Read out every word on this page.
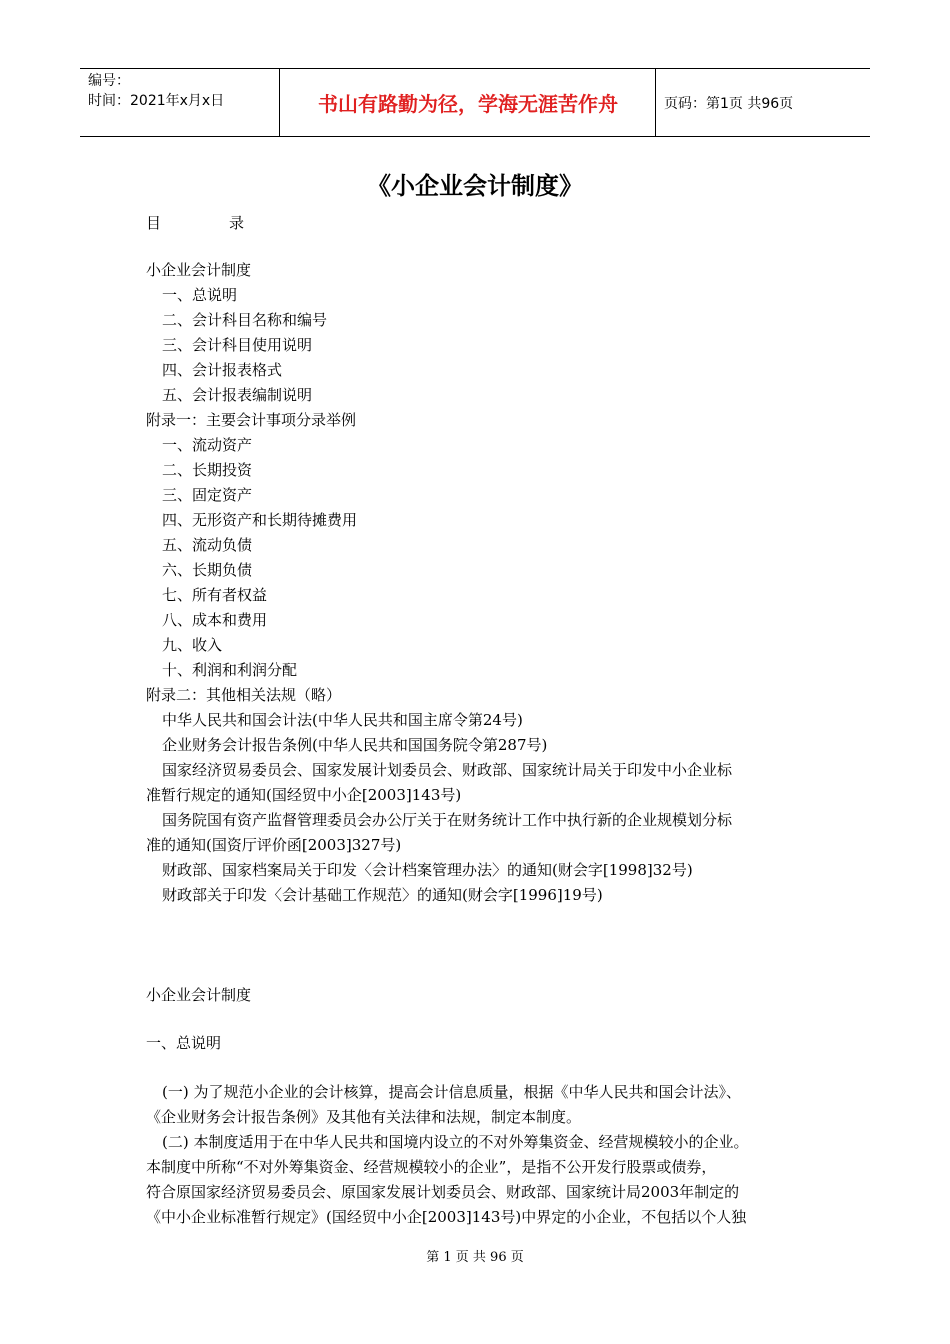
编号：
时间：2021年x月x日	书山有路勤为径，学海无涯苦作舟	页码：第1页 共96页
《小企业会计制度》
目	录
小企业会计制度
一、总说明
二、会计科目名称和编号
三、会计科目使用说明
四、会计报表格式
五、会计报表编制说明
附录一：主要会计事项分录举例
一、流动资产
二、长期投资
三、固定资产
四、无形资产和长期待摊费用
五、流动负债
六、长期负债
七、所有者权益
八、成本和费用
九、收入
十、利润和利润分配
附录二：其他相关法规（略）
中华人民共和国会计法(中华人民共和国主席令第24号)
企业财务会计报告条例(中华人民共和国国务院令第287号)
国家经济贸易委员会、国家发展计划委员会、财政部、国家统计局关于印发中小企业标
准暂行规定的通知(国经贸中小企[2003]143号)
国务院国有资产监督管理委员会办公厅关于在财务统计工作中执行新的企业规模划分标
准的通知(国资厅评价函[2003]327号)
财政部、国家档案局关于印发〈会计档案管理办法〉的通知(财会字[1998]32号)
财政部关于印发〈会计基础工作规范〉的通知(财会字[1996]19号)
小企业会计制度
一、总说明
(一) 为了规范小企业的会计核算，提高会计信息质量，根据《中华人民共和国会计法》、
《企业财务会计报告条例》及其他有关法律和法规，制定本制度。
(二) 本制度适用于在中华人民共和国境内设立的不对外筹集资金、经营规模较小的企业。
本制度中所称“不对外筹集资金、经营规模较小的企业”，是指不公开发行股票或债券，
符合原国家经济贸易委员会、原国家发展计划委员会、财政部、国家统计局2003年制定的
《中小企业标准暂行规定》(国经贸中小企[2003]143号)中界定的小企业，不包括以个人独
第 1 页 共 96 页
